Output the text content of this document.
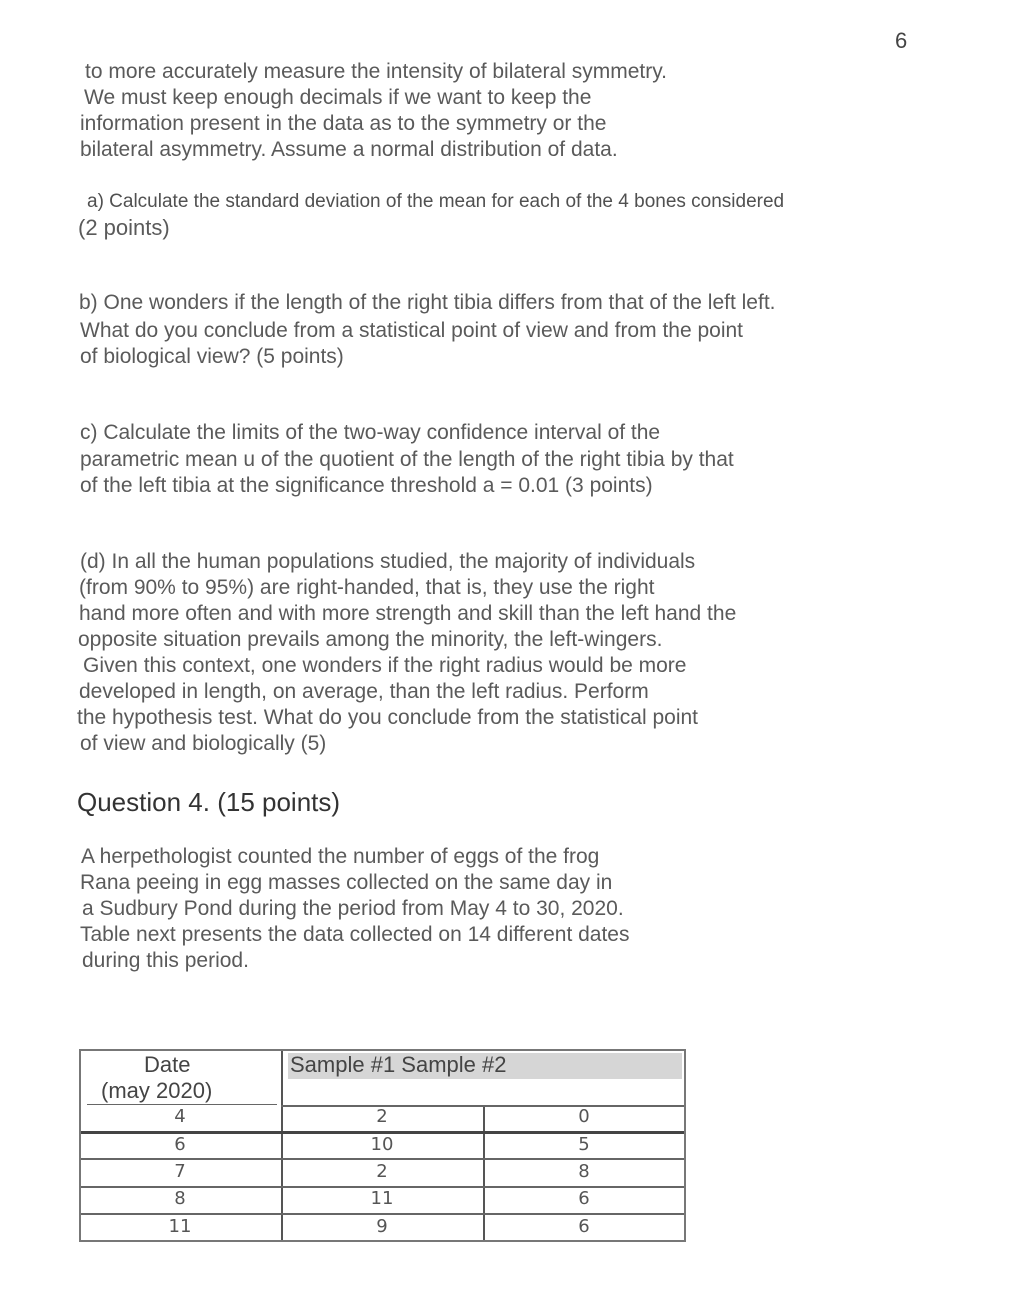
6
to more accurately measure the intensity of bilateral symmetry.
We must keep enough decimals if we want to keep the
information present in the data as to the symmetry or the
bilateral asymmetry. Assume a normal distribution of data.
a) Calculate the standard deviation of the mean for each of the 4 bones considered
(2 points)
b) One wonders if the length of the right tibia differs from that of the left left.
What do you conclude from a statistical point of view and from the point
of biological view? (5 points)
c) Calculate the limits of the two-way confidence interval of the
parametric mean u of the quotient of the length of the right tibia by that
of the left tibia at the significance threshold a = 0.01 (3 points)
(d) In all the human populations studied, the majority of individuals
(from 90% to 95%) are right-handed, that is, they use the right
hand more often and with more strength and skill than the left hand the
opposite situation prevails among the minority, the left-wingers.
Given this context, one wonders if the right radius would be more
developed in length, on average, than the left radius. Perform
the hypothesis test. What do you conclude from the statistical point
of view and biologically (5)
Question 4. (15 points)
A herpethologist counted the number of eggs of the frog
Rana peeing in egg masses collected on the same day in
a Sudbury Pond during the period from May 4 to 30, 2020.
Table next presents the data collected on 14 different dates
during this period.
Date
(may 2020)
Sample #1 Sample #2
4	2	0
6	10	5
7	2	8
8	11	6
11	9	6
